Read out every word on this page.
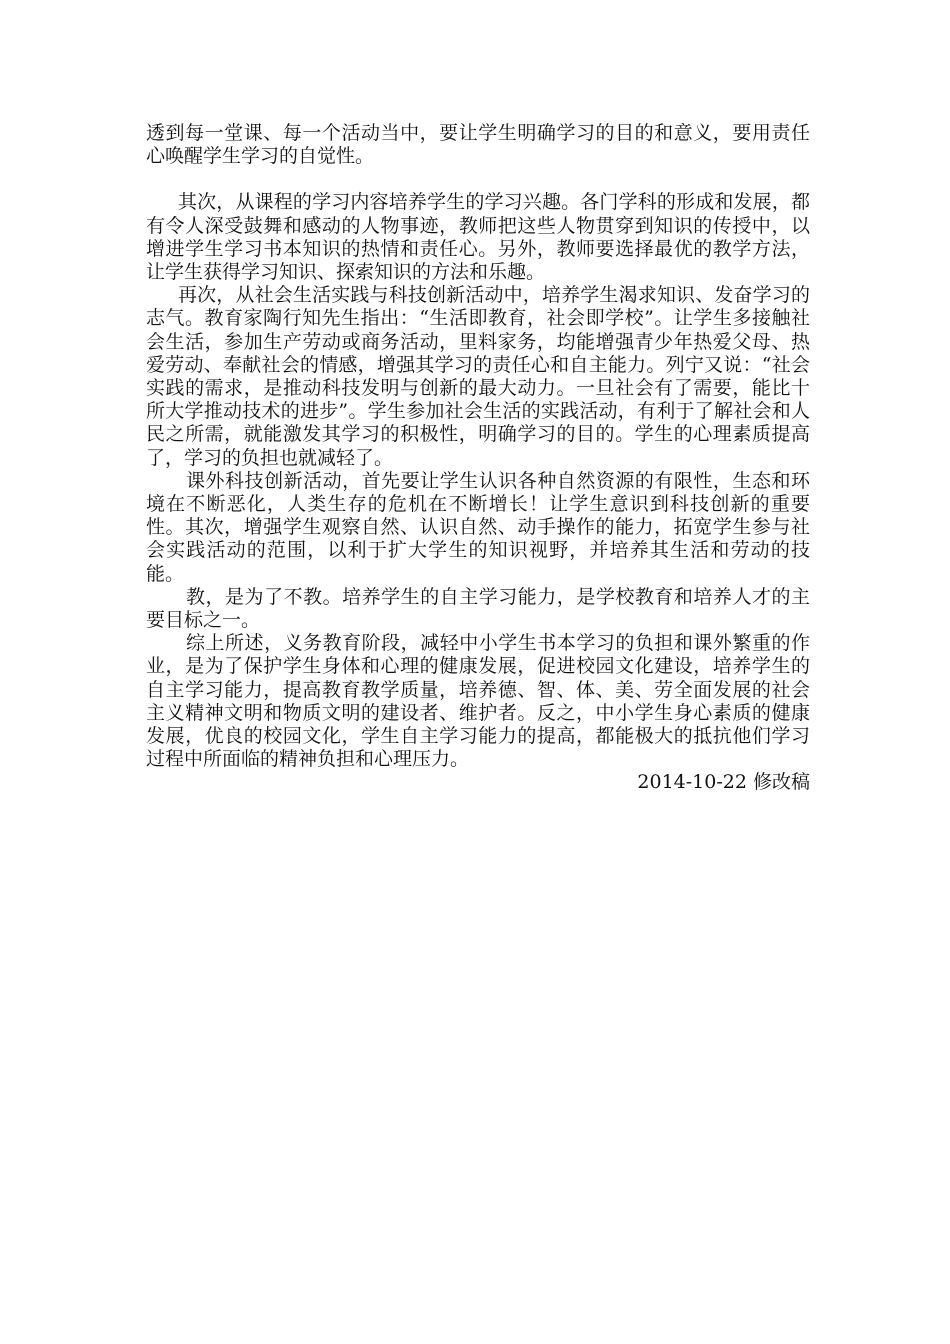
透到每一堂课、每一个活动当中，要让学生明确学习的目的和意义，要用责任心唤醒学生学习的自觉性。

其次，从课程的学习内容培养学生的学习兴趣。各门学科的形成和发展，都有令人深受鼓舞和感动的人物事迹，教师把这些人物贯穿到知识的传授中，以增进学生学习书本知识的热情和责任心。另外，教师要选择最优的教学方法，让学生获得学习知识、探索知识的方法和乐趣。

再次，从社会生活实践与科技创新活动中，培养学生渴求知识、发奋学习的志气。教育家陶行知先生指出：“生活即教育，社会即学校”。让学生多接触社会生活，参加生产劳动或商务活动，里料家务，均能增强青少年热爱父母、热爱劳动、奉献社会的情感，增强其学习的责任心和自主能力。列宁又说：“社会实践的需求，是推动科技发明与创新的最大动力。一旦社会有了需要，能比十所大学推动技术的进步”。学生参加社会生活的实践活动，有利于了解社会和人民之所需，就能激发其学习的积极性，明确学习的目的。学生的心理素质提高了，学习的负担也就减轻了。

课外科技创新活动，首先要让学生认识各种自然资源的有限性，生态和环境在不断恶化，人类生存的危机在不断增长！让学生意识到科技创新的重要性。其次，增强学生观察自然、认识自然、动手操作的能力，拓宽学生参与社会实践活动的范围，以利于扩大学生的知识视野，并培养其生活和劳动的技能。

教，是为了不教。培养学生的自主学习能力，是学校教育和培养人才的主要目标之一。

综上所述，义务教育阶段，减轻中小学生书本学习的负担和课外繁重的作业，是为了保护学生身体和心理的健康发展，促进校园文化建设，培养学生的自主学习能力，提高教育教学质量，培养德、智、体、美、劳全面发展的社会主义精神文明和物质文明的建设者、维护者。反之，中小学生身心素质的健康发展，优良的校园文化，学生自主学习能力的提高，都能极大的抵抗他们学习过程中所面临的精神负担和心理压力。

2014-10-22 修改稿
